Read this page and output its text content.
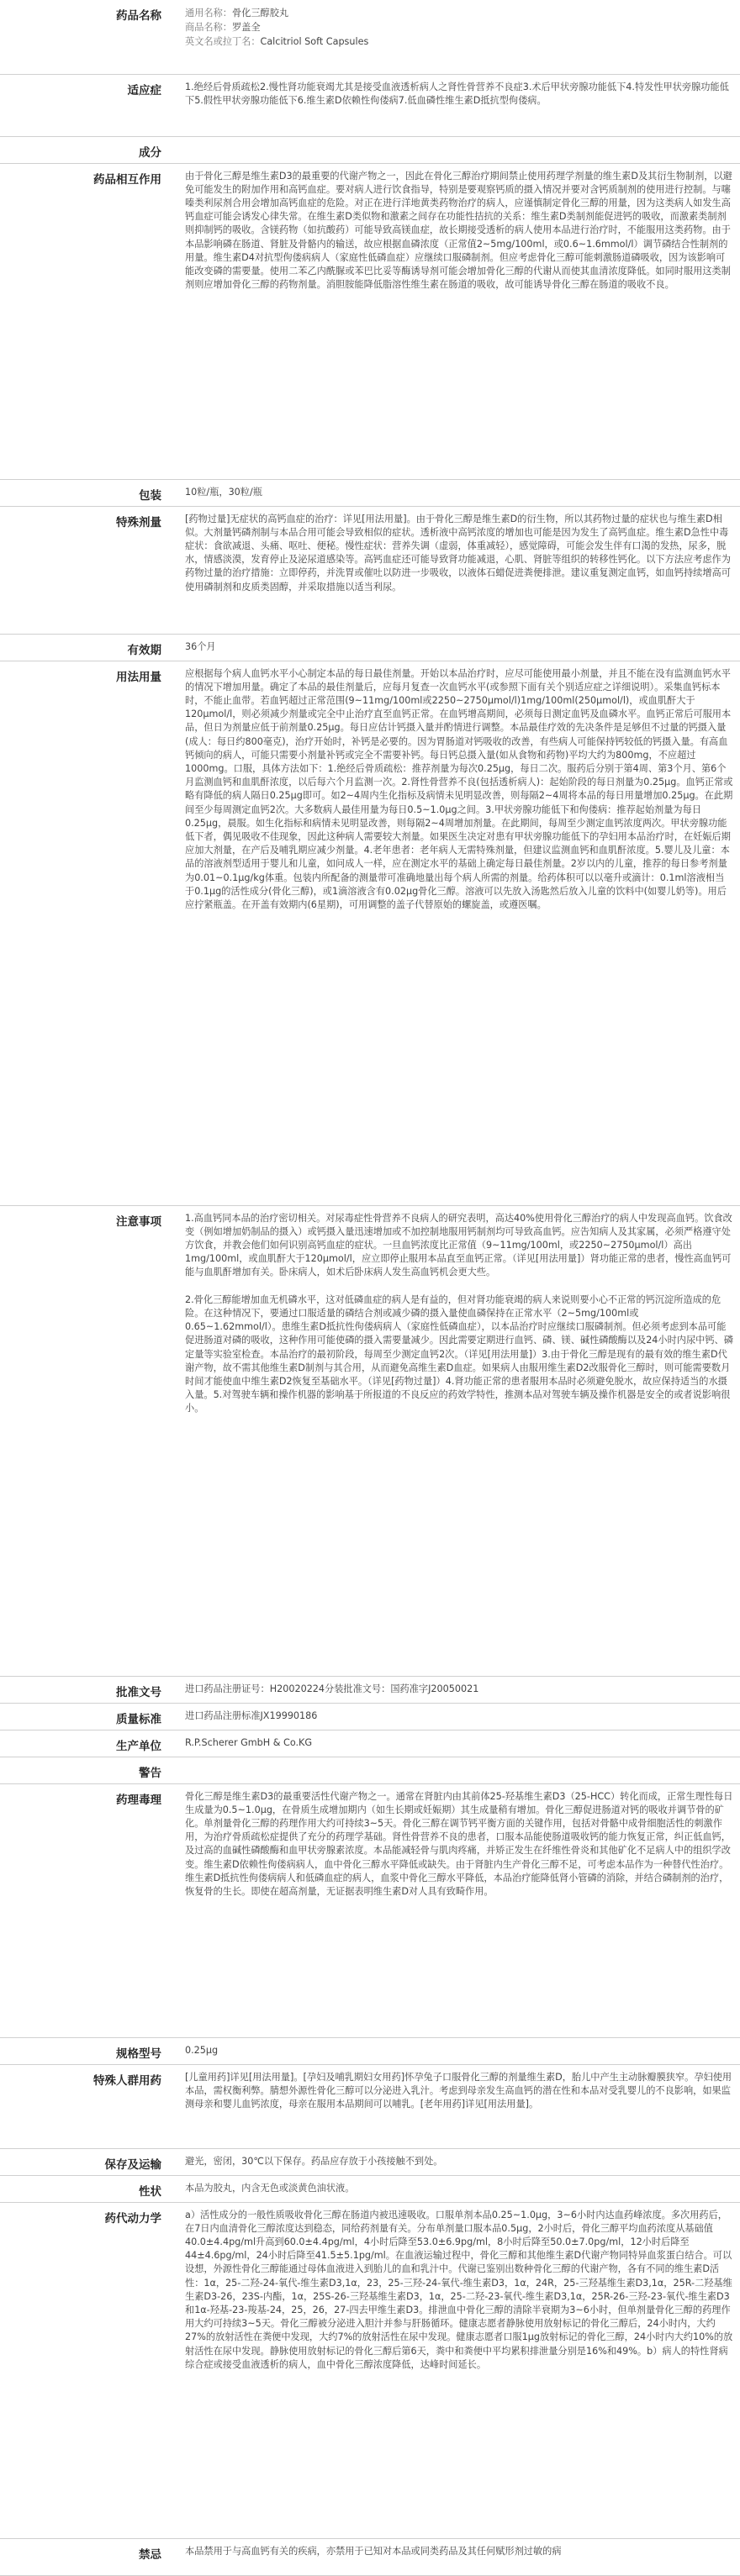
药品名称	通用名称：骨化三醇胶丸

商品名称：罗盖全

英文名或拉丁名：Calcitriol Soft Capsules

适应症	1.绝经后骨质疏松2.慢性肾功能衰竭尤其是接受血液透析病人之肾性骨营养不良症3.术后甲状旁腺功能低下4.特发性甲状旁腺功能低下5.假性甲状旁腺功能低下6.维生素D依赖性佝偻病7.低血磷性维生素D抵抗型佝偻病。

成分	

药品相互作用	由于骨化三醇是维生素D3的最重要的代谢产物之一，因此在骨化三醇治疗期间禁止使用药理学剂量的维生素D及其衍生物制剂，以避免可能发生的附加作用和高钙血症。要对病人进行饮食指导，特别是要观察钙质的摄入情况并要对含钙质制剂的使用进行控制。与噻嗪类利尿剂合用会增加高钙血症的危险。对正在进行洋地黄类药物治疗的病人，应谨慎制定骨化三醇的用量，因为这类病人如发生高钙血症可能会诱发心律失常。在维生素D类似物和激素之间存在功能性拮抗的关系：维生素D类制剂能促进钙的吸收，而激素类制剂则抑制钙的吸收。含镁药物（如抗酸药）可能导致高镁血症，故长期接受透析的病人使用本品进行治疗时，不能服用这类药物。由于本品影响磷在肠道、肾脏及骨骼内的输送，故应根据血磷浓度（正常值2~5mg/100ml，或0.6~1.6mmol/l）调节磷结合性制剂的用量。维生素D4对抗型佝偻病病人（家庭性低磷血症）应继续口服磷制剂。但应考虑骨化三醇可能刺激肠道磷吸收，因为该影响可能改变磷的需要量。使用二苯乙内酰脲或苯巴比妥等酶诱导剂可能会增加骨化三醇的代谢从而使其血清浓度降低。如同时服用这类制剂则应增加骨化三醇的药物剂量。消胆胺能降低脂溶性维生素在肠道的吸收，故可能诱导骨化三醇在肠道的吸收不良。

包装	10粒/瓶，30粒/瓶

特殊剂量	[药物过量]无症状的高钙血症的治疗：详见[用法用量]。由于骨化三醇是维生素D的衍生物，所以其药物过量的症状也与维生素D相似。大剂量钙磷剂制与本品合用可能会导致相似的症状。透析液中高钙浓度的增加也可能是因为发生了高钙血症。维生素D急性中毒症状：食欲减退、头痛、呕吐、便秘。慢性症状：营养失调（虚弱，体重减轻），感觉障碍，可能会发生伴有口渴的发热，尿多，脱水，情感淡漠，发育停止及泌尿道感染等。高钙血症还可能导致肾功能减退，心肌、肾脏等组织的转移性钙化。以下方法应考虑作为药物过量的治疗措施：立即停药，并洗胃或催吐以防进一步吸收，以液体石蜡促进粪便排泄。建议重复测定血钙，如血钙持续增高可使用磷制剂和皮质类固醇，并采取措施以适当利尿。

有效期	36个月

用法用量	应根据每个病人血钙水平小心制定本品的每日最佳剂量。开始以本品治疗时，应尽可能使用最小剂量，并且不能在没有监测血钙水平的情况下增加用量。确定了本品的最佳剂量后，应每月复查一次血钙水平(或参照下面有关个别适应症之详细说明）。采集血钙标本时，不能止血带。若血钙超过正常范围(9~11mg/100ml或2250~2750μmol/l)1mg/100ml(250μmol/l)，或血肌酐大于120μmol/l，则必须减少剂量或完全中止治疗直至血钙正常。在血钙增高期间，必须每日测定血钙及血磷水平。血钙正常后可服用本品，但日为剂量应低于前剂量0.25μg。每日应估计钙摄入量并酌情进行调整。本品最佳疗效的先决条件是足够但不过量的钙摄入量(成人：每日约800毫克)，治疗开始时，补钙是必要的。因为胃肠道对钙吸收的改善，有些病人可能保持钙较低的钙摄入量。有高血钙倾向的病人，可能只需要小剂量补钙或完全不需要补钙。每日钙总摄入量(如从食物和药物)平均大约为800mg，不应超过1000mg。口服，具体方法如下：1.绝经后骨质疏松：推荐剂量为每次0.25μg，每日二次。服药后分别于第4周、第3个月、第6个月监测血钙和血肌酐浓度，以后每六个月监测一次。2.肾性骨营养不良(包括透析病人)：起始阶段的每日剂量为0.25μg。血钙正常或略有降低的病人隔日0.25μg即可。如2~4周内生化指标及病情未见明显改善，则每隔2~4周将本品的每日用量增加0.25μg。在此期间至少每周测定血钙2次。大多数病人最佳用量为每日0.5~1.0μg之间。3.甲状旁腺功能低下和佝偻病：推荐起始剂量为每日0.25μg，晨服。如生化指标和病情未见明显改善，则每隔2~4周增加剂量。在此期间，每周至少测定血钙浓度两次。甲状旁腺功能低下者，偶见吸收不佳现象，因此这种病人需要较大剂量。如果医生决定对患有甲状旁腺功能低下的孕妇用本品治疗时，在妊娠后期应加大剂量，在产后及哺乳期应减少剂量。4.老年患者：老年病人无需特殊剂量，但建议监测血钙和血肌酐浓度。5.婴儿及儿童：本品的溶液剂型适用于婴儿和儿童，如问成人一样，应在测定水平的基础上确定每日最佳剂量。2岁以内的儿童，推荐的每日参考剂量为0.01~0.1μg/kg体重。包装内所配备的测量带可准确地量出每个病人所需的剂量。给药体积可以以毫升或滴计：0.1ml溶液相当于0.1μg的活性成分(骨化三醇)，或1滴溶液含有0.02μg骨化三醇。溶液可以先放入汤匙然后放入儿童的饮料中(如婴儿奶等)。用后应拧紧瓶盖。在开盖有效期内(6星期)，可用调整的盖子代替原始的螺旋盖，或遵医嘱。

注意事项	1.高血钙同本品的治疗密切相关。对尿毒症性骨营养不良病人的研究表明，高达40%使用骨化三醇治疗的病人中发现高血钙。饮食改变（例如增加奶制品的摄入）或钙摄入量迅速增加或不加控制地服用钙制剂均可导致高血钙。应告知病人及其家属，必须严格遵守处方饮食，并教会他们如何识别高钙血症的症状。一旦血钙浓度比正常值（9~11mg/100ml，或2250~2750μmol/l）高出1mg/100ml，或血肌酐大于120μmol/l，应立即停止服用本品直至血钙正常。（详见[用法用量]）肾功能正常的患者，慢性高血钙可能与血肌酐增加有关。卧床病人，如术后卧床病人发生高血钙机会更大些。

2.骨化三醇能增加血无机磷水平，这对低磷血症的病人是有益的，但对肾功能衰竭的病人来说则要小心不正常的钙沉淀所造成的危险。在这种情况下，要通过口服适量的磷结合剂或减少磷的摄入量使血磷保持在正常水平（2~5mg/100ml或0.65~1.62mmol/l）。患维生素D抵抗性佝偻病病人（家庭性低磷血症），以本品治疗时应继续口服磷制剂。但必须考虑到本品可能促进肠道对磷的吸收，这种作用可能使磷的摄入需要量减少。因此需要定期进行血钙、磷、镁、碱性磷酸酶以及24小时内尿中钙、磷定量等实验室检查。本品治疗的最初阶段，每周至少测定血钙2次。（详见[用法用量]）3.由于骨化三醇是现有的最有效的维生素D代谢产物，故不需其他维生素D制剂与其合用，从而避免高维生素D血症。如果病人由服用维生素D2改服骨化三醇时，则可能需要数月时间才能使血中维生素D2恢复至基础水平。（详见[药物过量]）4.肾功能正常的患者服用本品时必须避免脱水，故应保持适当的水摄入量。5.对驾驶车辆和操作机器的影响基于所报道的不良反应的药效学特性，推测本品对驾驶车辆及操作机器是安全的或者说影响很小。

批准文号	进口药品注册证号：H20020224分装批准文号：国药准字J20050021

质量标准	进口药品注册标准JX19990186

生产单位	R.P.Scherer GmbH & Co.KG

警告	

药理毒理	骨化三醇是维生素D3的最重要活性代谢产物之一。通常在肾脏内由其前体25-羟基维生素D3（25-HCC）转化而成，正常生理性每日生成量为0.5~1.0μg，在骨质生成增加期内（如生长期或妊娠期）其生成量稍有增加。骨化三醇促进肠道对钙的吸收并调节骨的矿化。单剂量骨化三醇的药理作用大约可持续3~5天。骨化三醇在调节钙平衡方面的关键作用，包括对骨骼中成骨细胞活性的刺激作用，为治疗骨质疏松症提供了充分的药理学基础。肾性骨营养不良的患者，口服本品能使肠道吸收钙的能力恢复正常，纠正低血钙，及过高的血碱性磷酸酶和血甲状旁腺素浓度。本品能减轻骨与肌肉疼痛，并矫正发生在纤维性骨炎和其他矿化不足病人中的组织学改变。维生素D依赖性佝偻病病人，血中骨化三醇水平降低或缺失。由于肾脏内生产骨化三醇不足，可考虑本品作为一种替代性治疗。维生素D抵抗性佝偻病病人和低磷血症的病人，血浆中骨化三醇水平降低，本品治疗能降低肾小管磷的消除，并结合磷制剂的治疗，恢复骨的生长。即使在超高剂量，无证据表明维生素D对人具有致畸作用。

规格型号	0.25μg

特殊人群用药	[儿童用药]详见[用法用量]。[孕妇及哺乳期妇女用药]怀孕兔子口服骨化三醇的剂量维生素D，胎儿中产生主动脉瓣膜狭窄。孕妇使用本品，需权衡利弊。腈想外源性骨化三醇可以分泌进入乳汁。考虑到母亲发生高血钙的潜在性和本品对受乳婴儿的不良影响，如果监测母亲和婴儿血钙浓度，母亲在服用本品期间可以哺乳。[老年用药]详见[用法用量]。

保存及运输	避光，密闭，30℃以下保存。药品应存放于小孩接触不到处。

性状	本品为胶丸，内含无色或淡黄色油状液。

药代动力学	a）活性成分的一般性质吸收骨化三醇在肠道内被迅速吸收。口服单剂本品0.25~1.0μg，3~6小时内达血药峰浓度。多次用药后，在7日内血清骨化三醇浓度达到稳态，同给药剂量有关。分布单剂量口服本品0.5μg，2小时后，骨化三醇平均血药浓度从基础值40.0±4.4pg/ml升高到60.0±4.4pg/ml，4小时后降至53.0±6.9pg/ml，8小时后降至50.0±7.0pg/ml，12小时后降至44±4.6pg/ml，24小时后降至41.5±5.1pg/ml。在血液运输过程中，骨化三醇和其他维生素D代谢产物同特异血浆蛋白结合。可以设想，外源性骨化三醇能通过母体血液进入到胎儿的血和乳汁中。代谢已鉴别出数种骨化三醇的代谢产物，各有不同的维生素D活性：1α，25-二羟-24-氧代-维生素D3,1α，23，25-三羟-24-氧代-维生素D3，1α，24R，25-三羟基维生素D3,1α，25R-二羟基维生素D3-26，23S-内酯，1α，25S-26-三羟基维生素D3，1α，25-二羟-23-氧代-维生素D3,1α，25R-26-三羟-23-氧代-维生素D3和1α-羟基-23-羧基-24，25，26，27-四去甲维生素D3。排泄血中骨化三醇的清除半衰期为3~6小时，但单剂量骨化三醇的药理作用大约可持续3~5天。骨化三醇被分泌进入胆汁并参与肝肠循环。健康志愿者静脉使用放射标记的骨化三醇后，24小时内，大约27%的放射活性在粪便中发现，大约7%的放射活性在尿中发现。健康志愿者口服1μg放射标记的骨化三醇，24小时内大约10%的放射活性在尿中发现。静脉使用放射标记的骨化三醇后第6天，粪中和粪便中平均累积排泄量分别是16%和49%。b）病人的特性肾病综合症或接受血液透析的病人，血中骨化三醇浓度降低，达峰时间延长。

禁忌	本品禁用于与高血钙有关的疾病，亦禁用于已知对本品或同类药品及其任何赋形剂过敏的病
